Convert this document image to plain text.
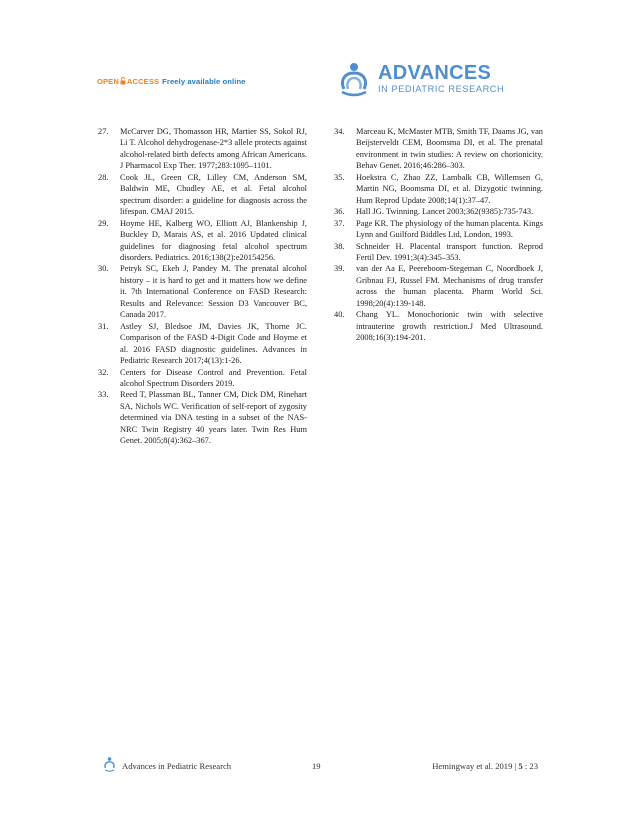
OPEN ACCESS Freely available online	ADVANCES
IN PEDIATRIC RESEARCH
27.	McCarver DG, Thomasson HR, Martier SS, Sokol RJ, Li T. Alcohol dehydrogenase-2*3 allele protects against alcohol-related birth defects among African Americans. J Pharmacol Exp Ther. 1977;283:1095–1101.
28.	Cook JL, Green CR, Lilley CM, Anderson SM, Baldwin ME, Chudley AE, et al. Fetal alcohol spectrum disorder: a guideline for diagnosis across the lifespan. CMAJ 2015.
29.	Hoyme HE, Kalberg WO, Elliott AJ, Blankenship J, Buckley D, Marais AS, et al. 2016 Updated clinical guidelines for diagnosing fetal alcohol spectrum disorders. Pediatrics. 2016;138(2):e20154256.
30.	Petryk SC, Ekeh J, Pandey M. The prenatal alcohol history – it is hard to get and it matters how we define it. 7th International Conference on FASD Research: Results and Relevance: Session D3 Vancouver BC, Canada 2017.
31.	Astley SJ, Bledsoe JM, Davies JK, Thorne JC. Comparison of the FASD 4-Digit Code and Hoyme et al. 2016 FASD diagnostic guidelines. Advances in Pediatric Research 2017;4(13):1-26.
32.	Centers for Disease Control and Prevention. Fetal alcohol Spectrum Disorders 2019.
33.	Reed T, Plassman BL, Tanner CM, Dick DM, Rinehart SA, Nichols WC. Verification of self-report of zygosity determined via DNA testing in a subset of the NAS-NRC Twin Registry 40 years later. Twin Res Hum Genet. 2005;8(4):362–367.
34.	Marceau K, McMaster MTB, Smith TF, Daams JG, van Beijsterveldt CEM, Boomsma DI, et al. The prenatal environment in twin studies: A review on chorionicity. Behav Genet. 2016;46:286–303.
35.	Hoekstra C, Zhao ZZ, Lambalk CB, Willemsen G, Martin NG, Boomsma DI, et al. Dizygotic twinning. Hum Reprod Update 2008;14(1):37–47.
36.	Hall JG. Twinning. Lancet 2003;362(9385):735-743.
37.	Page KR. The physiology of the human placenta. Kings Lynn and Guilford Biddles Ltd, London, 1993.
38.	Schneider H. Placental transport function. Reprod Fertil Dev. 1991;3(4):345–353.
39.	van der Aa E, Peereboom-Stegeman C, Noordhoek J, Gribnau FJ, Russel FM. Mechanisms of drug transfer across the human placenta. Pharm World Sci. 1998;20(4):139-148.
40.	Chang YL. Monochorionic twin with selective intrauterine growth restriction.J Med Ultrasound. 2008;16(3):194-201.
Advances in Pediatric Research	19	Hemingway et al. 2019 | 5 : 23
